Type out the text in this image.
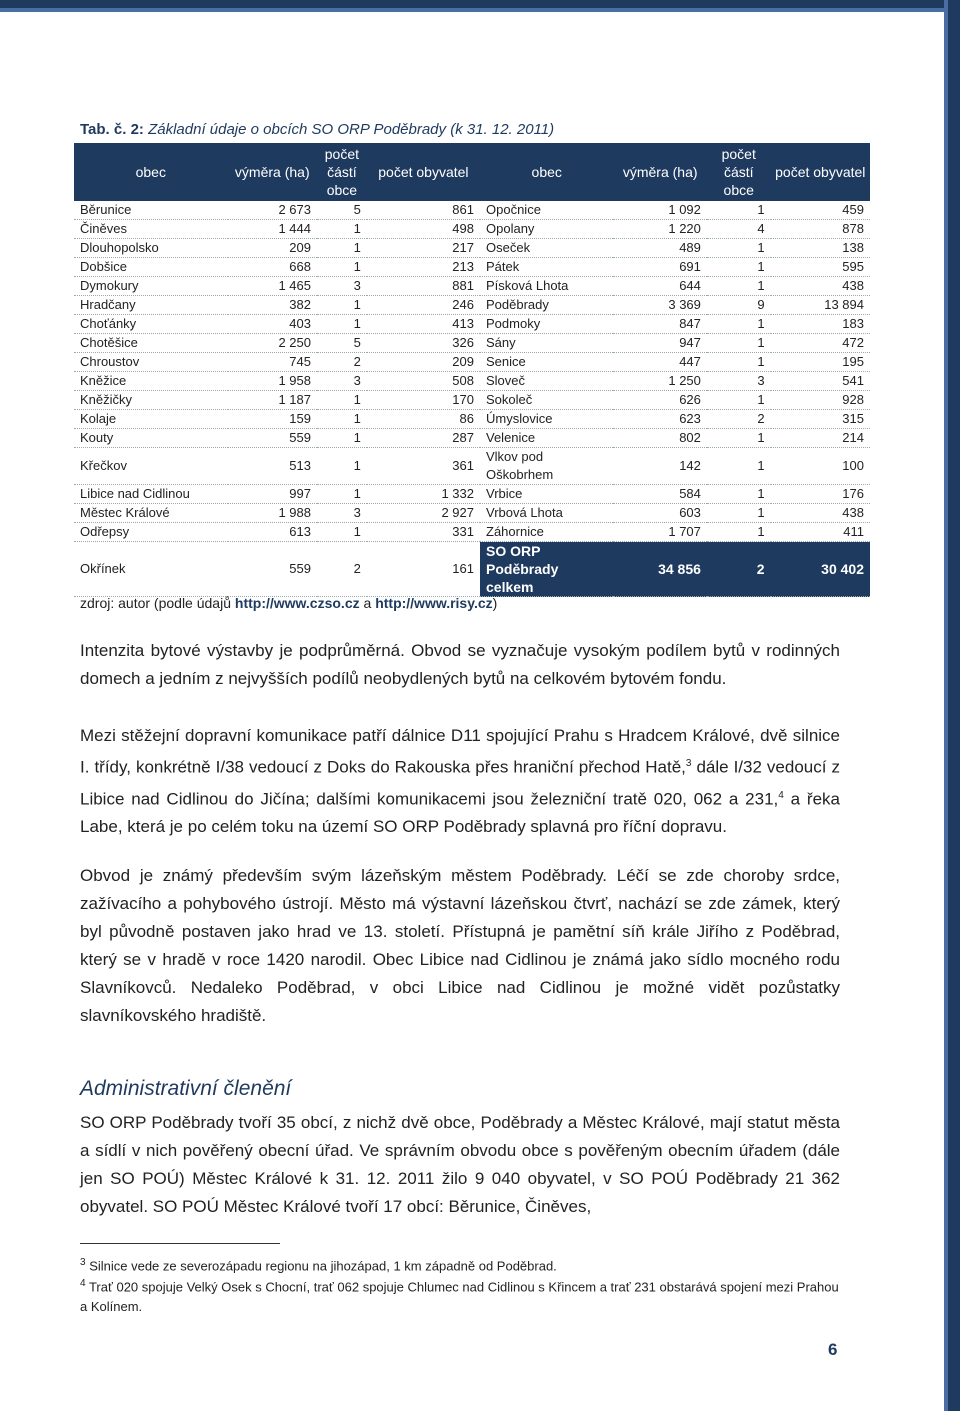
Tab. č. 2: Základní údaje o obcích SO ORP Poděbrady (k 31. 12. 2011)
obec	výměra (ha)	počet částí obce	počet obyvatel	obec	výměra (ha)	počet částí obce	počet obyvatel
Běrunice	2 673	5	861	Opočnice	1 092	1	459
Činěves	1 444	1	498	Opolany	1 220	4	878
Dlouhopolsko	209	1	217	Oseček	489	1	138
Dobšice	668	1	213	Pátek	691	1	595
Dymokury	1 465	3	881	Písková Lhota	644	1	438
Hradčany	382	1	246	Poděbrady	3 369	9	13 894
Choťánky	403	1	413	Podmoky	847	1	183
Chotěšice	2 250	5	326	Sány	947	1	472
Chroustov	745	2	209	Senice	447	1	195
Kněžice	1 958	3	508	Sloveč	1 250	3	541
Kněžičky	1 187	1	170	Sokoleč	626	1	928
Kolaje	159	1	86	Úmyslovice	623	2	315
Kouty	559	1	287	Velenice	802	1	214
Křečkov	513	1	361	Vlkov pod Oškobrhem	142	1	100
Libice nad Cidlinou	997	1	1 332	Vrbice	584	1	176
Městec Králové	1 988	3	2 927	Vrbová Lhota	603	1	438
Odřepsy	613	1	331	Záhornice	1 707	1	411
Okřínek	559	2	161	SO ORP Poděbrady celkem	34 856	2	30 402
zdroj: autor (podle údajů http://www.czso.cz a http://www.risy.cz)
Intenzita bytové výstavby je podprůměrná. Obvod se vyznačuje vysokým podílem bytů v rodinných domech a jedním z nejvyšších podílů neobydlených bytů na celkovém bytovém fondu.
Mezi stěžejní dopravní komunikace patří dálnice D11 spojující Prahu s Hradcem Králové, dvě silnice I. třídy, konkrétně I/38 vedoucí z Doks do Rakouska přes hraniční přechod Hatě,$^3$ dále I/32 vedoucí z Libice nad Cidlinou do Jičína; dalšími komunikacemi jsou železniční tratě 020, 062 a 231,$^4$ a řeka Labe, která je po celém toku na území SO ORP Poděbrady splavná pro říční dopravu.
Obvod je známý především svým lázeňským městem Poděbrady. Léčí se zde choroby srdce, zažívacího a pohybového ústrojí. Město má výstavní lázeňskou čtvrť, nachází se zde zámek, který byl původně postaven jako hrad ve 13. století. Přístupná je pamětní síň krále Jiřího z Poděbrad, který se v hradě v roce 1420 narodil. Obec Libice nad Cidlinou je známá jako sídlo mocného rodu Slavníkovců. Nedaleko Poděbrad, v obci Libice nad Cidlinou je možné vidět pozůstatky slavníkovského hradiště.
Administrativní členění
SO ORP Poděbrady tvoří 35 obcí, z nichž dvě obce, Poděbrady a Městec Králové, mají statut města a sídlí v nich pověřený obecní úřad. Ve správním obvodu obce s pověřeným obecním úřadem (dále jen SO POÚ) Městec Králové k 31. 12. 2011 žilo 9 040 obyvatel, v SO POÚ Poděbrady 21 362 obyvatel. SO POÚ Městec Králové tvoří 17 obcí: Běrunice, Činěves,
$^3$ Silnice vede ze severozápadu regionu na jihozápad, 1 km západně od Poděbrad.
$^4$ Trať 020 spojuje Velký Osek s Chocní, trať 062 spojuje Chlumec nad Cidlinou s Křincem a trať 231 obstarává spojení mezi Prahou a Kolínem.
6
